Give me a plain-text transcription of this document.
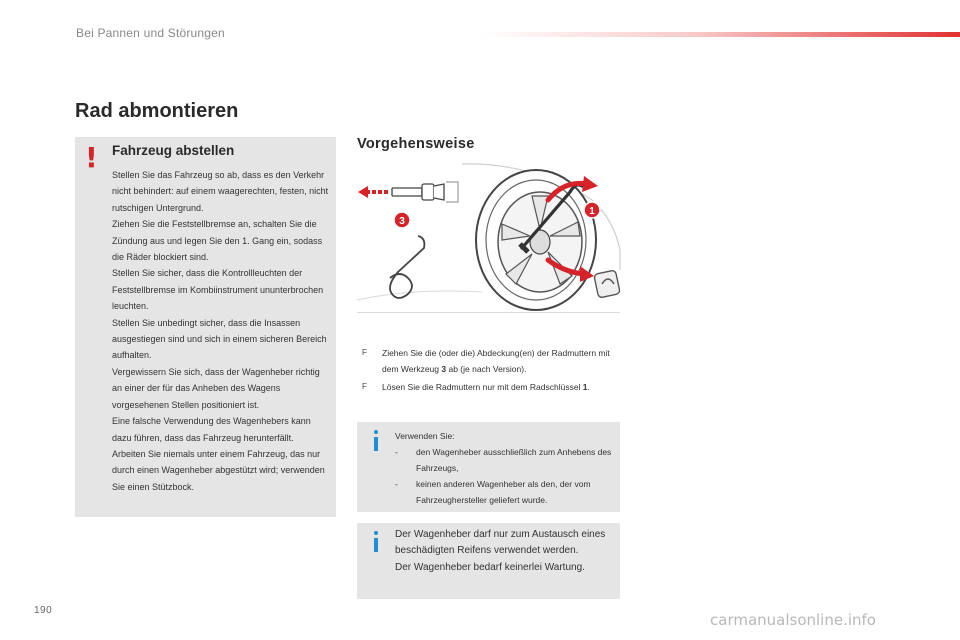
Bei Pannen und Störungen
Rad abmontieren
! Fahrzeug abstellen

Stellen Sie das Fahrzeug so ab, dass es den Verkehr nicht behindert: auf einem waagerechten, festen, nicht rutschigen Untergrund.

Ziehen Sie die Feststellbremse an, schalten Sie die Zündung aus und legen Sie den 1. Gang ein, sodass die Räder blockiert sind.

Stellen Sie sicher, dass die Kontrollleuchten der Feststellbremse im Kombiinstrument ununterbrochen leuchten.

Stellen Sie unbedingt sicher, dass die Insassen ausgestiegen sind und sich in einem sicheren Bereich aufhalten.

Vergewissern Sie sich, dass der Wagenheber richtig an einer der für das Anheben des Wagens vorgesehenen Stellen positioniert ist.

Eine falsche Verwendung des Wagenhebers kann dazu führen, dass das Fahrzeug herunterfällt.

Arbeiten Sie niemals unter einem Fahrzeug, das nur durch einen Wagenheber abgestützt wird; verwenden Sie einen Stützbock.

Vorgehensweise
1
3
F Ziehen Sie die (oder die) Abdeckung(en) der Radmuttern mit dem Werkzeug 3 ab (je nach Version).
F Lösen Sie die Radmuttern nur mit dem Radschlüssel 1.
Verwenden Sie:
-	den Wagenheber ausschließlich zum Anhebens des Fahrzeugs,
-	keinen anderen Wagenheber als den, der vom Fahrzeughersteller geliefert wurde.
Der Wagenheber darf nur zum Austausch eines beschädigten Reifens verwendet werden.
Der Wagenheber bedarf keinerlei Wartung.
190
carmanualsonline.info
